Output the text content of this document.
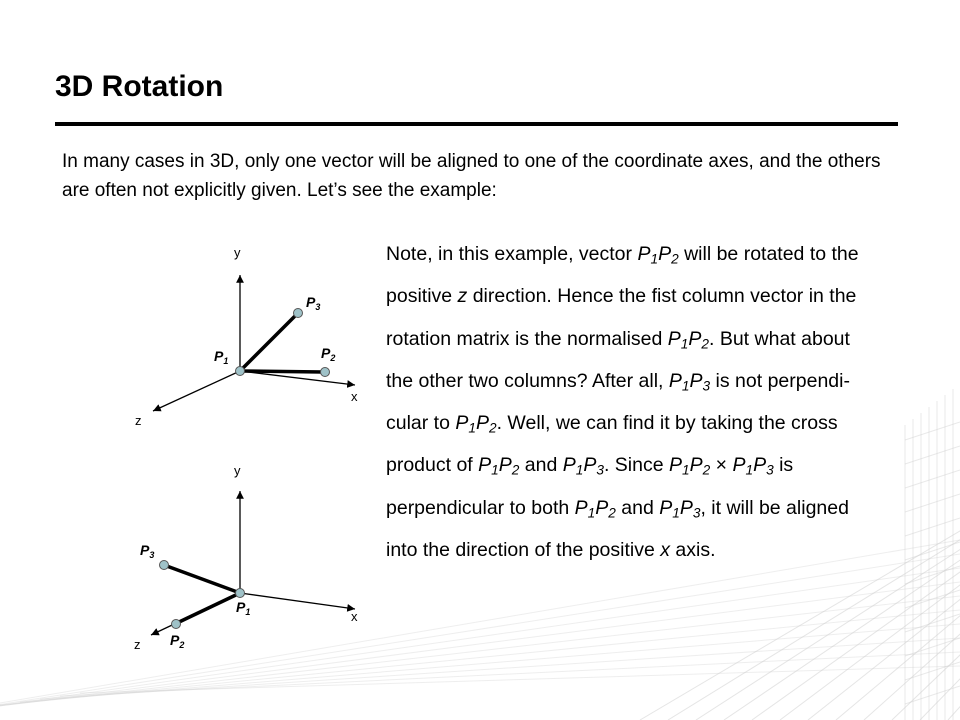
3D Rotation

In many cases in 3D, only one vector will be aligned to one of the coordinate axes, and the others are often not explicitly given. Let’s see the example:

y
x
z
$P_1$	$P_2$
$P_3$
y
x
z
$P_1$
$P_2$
$P_3$

Note, in this example, vector $P_1P_2$ will be rotated to the positive z direction. Hence the fist column vector in the rotation matrix is the normalised $P_1P_2$. But what about the other two columns? After all, $P_1P_3$ is not perpendi-cular to $P_1P_2$. Well, we can find it by taking the cross product of $P_1P_2$ and $P_1P_3$. Since $P_1P_2 \times P_1P_3$ is perpendicular to both $P_1P_2$ and $P_1P_3$, it will be aligned into the direction of the positive x axis.
